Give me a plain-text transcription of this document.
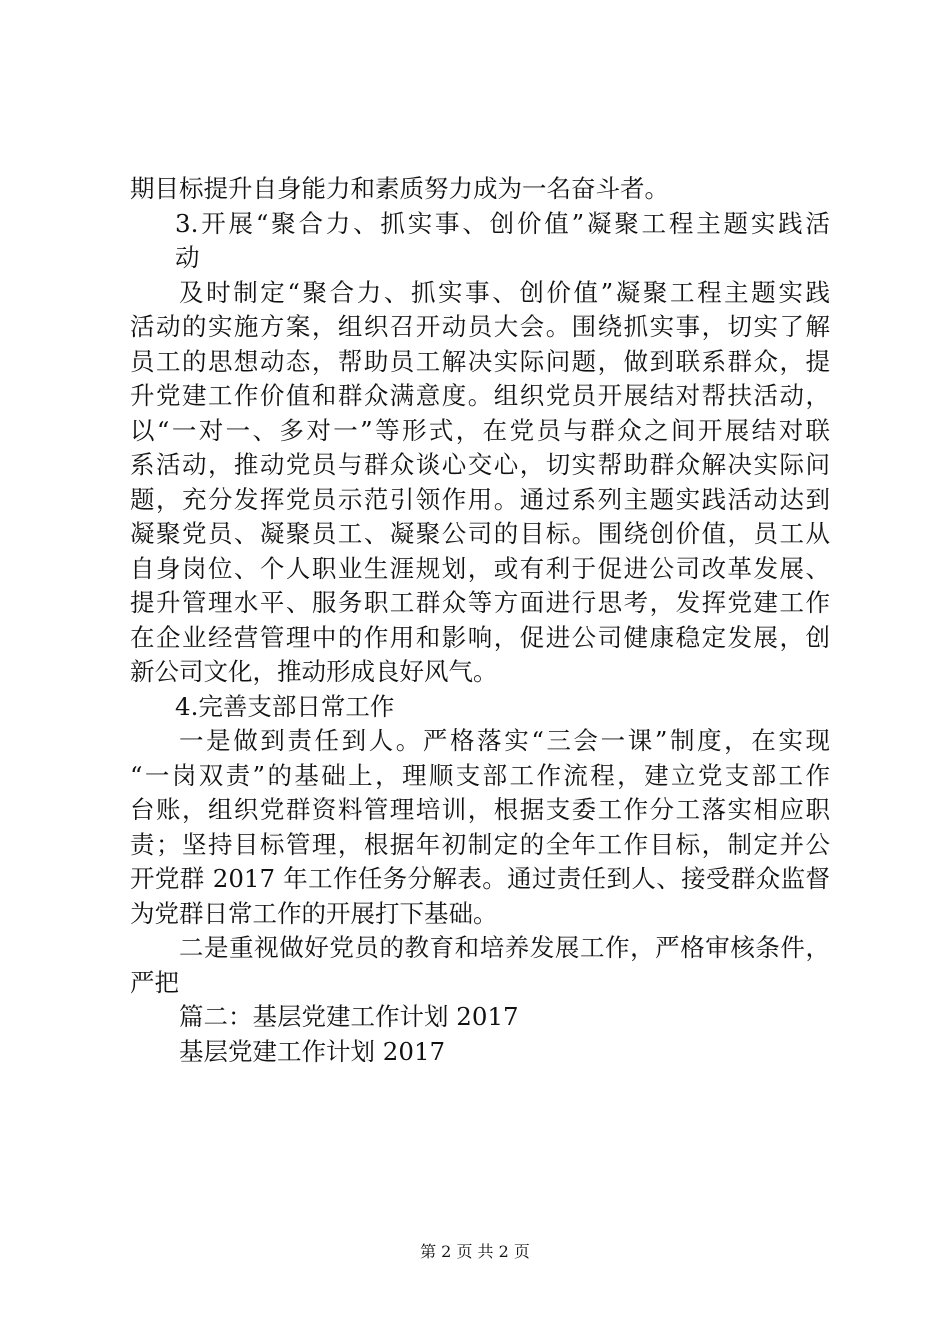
期目标提升自身能力和素质努力成为一名奋斗者。
3.开展“聚合力、抓实事、创价值”凝聚工程主题实践活
动
及时制定“聚合力、抓实事、创价值”凝聚工程主题实践
活动的实施方案，组织召开动员大会。围绕抓实事，切实了解
员工的思想动态，帮助员工解决实际问题，做到联系群众，提
升党建工作价值和群众满意度。组织党员开展结对帮扶活动，
以“一对一、多对一”等形式，在党员与群众之间开展结对联
系活动，推动党员与群众谈心交心，切实帮助群众解决实际问
题，充分发挥党员示范引领作用。通过系列主题实践活动达到
凝聚党员、凝聚员工、凝聚公司的目标。围绕创价值，员工从
自身岗位、个人职业生涯规划，或有利于促进公司改革发展、
提升管理水平、服务职工群众等方面进行思考，发挥党建工作
在企业经营管理中的作用和影响，促进公司健康稳定发展，创
新公司文化，推动形成良好风气。
4.完善支部日常工作
一是做到责任到人。严格落实“三会一课”制度，在实现
“一岗双责”的基础上，理顺支部工作流程，建立党支部工作
台账，组织党群资料管理培训，根据支委工作分工落实相应职
责；坚持目标管理，根据年初制定的全年工作目标，制定并公
开党群 2017 年工作任务分解表。通过责任到人、接受群众监督
为党群日常工作的开展打下基础。
二是重视做好党员的教育和培养发展工作，严格审核条件，
严把
篇二：基层党建工作计划 2017
基层党建工作计划 2017
第 2 页 共 2 页
